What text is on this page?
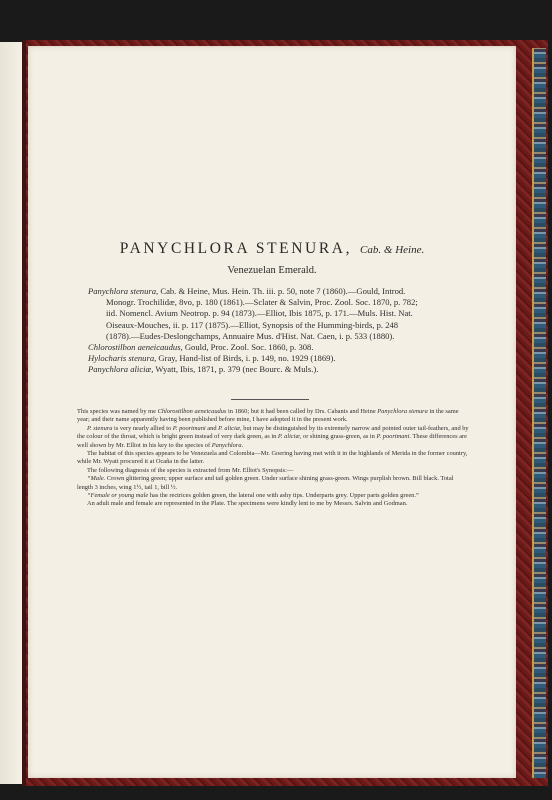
PANYCHLORA STENURA, Cab. & Heine.
Venezuelan Emerald.

Panychlora stenura, Cab. & Heine, Mus. Hein. Th. iii. p. 50, note 7 (1860).—Gould, Introd. Monogr. Trochilidæ, 8vo, p. 180 (1861).—Sclater & Salvin, Proc. Zool. Soc. 1870, p. 782; iid. Nomencl. Avium Neotrop. p. 94 (1873).—Elliot, Ibis 1875, p. 171.—Muls. Hist. Nat. Oiseaux-Mouches, ii. p. 117 (1875).—Elliot, Synopsis of the Humming-birds, p. 248 (1878).—Eudes-Deslongchamps, Annuaire Mus. d'Hist. Nat. Caen, i. p. 533 (1880).

Chlorostilbon aeneicaudus, Gould, Proc. Zool. Soc. 1860, p. 308.

Hylocharis stenura, Gray, Hand-list of Birds, i. p. 149, no. 1929 (1869).

Panychlora aliciæ, Wyatt, Ibis, 1871, p. 379 (nec Bourc. & Muls.).

This species was named by me Chlorostilbon aeneicaudus in 1860; but it had been called by Drs. Cabanis and Heine Panychlora stenura in the same year; and their name apparently having been published before mine, I have adopted it in the present work.

P. stenura is very nearly allied to P. poortmani and P. aliciæ, but may be distinguished by its extremely narrow and pointed outer tail-feathers, and by the colour of the throat, which is bright green instead of very dark green, as in P. aliciæ, or shining grass-green, as in P. poortmani. These differences are well shown by Mr. Elliot in his key to the species of Panychlora.

The habitat of this species appears to be Venezuela and Colombia—Mr. Goering having met with it in the highlands of Merida in the former country, while Mr. Wyatt procured it at Ocaña in the latter.

The following diagnosis of the species is extracted from Mr. Elliot's Synopsis:—

“Male. Crown glittering green; upper surface and tail golden green. Under surface shining grass-green. Wings purplish brown. Bill black. Total length 3 inches, wing 1½, tail 1, bill ½.

“Female or young male has the rectrices golden green, the lateral one with ashy tips. Underparts grey. Upper parts golden green.”

An adult male and female are represented in the Plate. The specimens were kindly lent to me by Messrs. Salvin and Godman.
